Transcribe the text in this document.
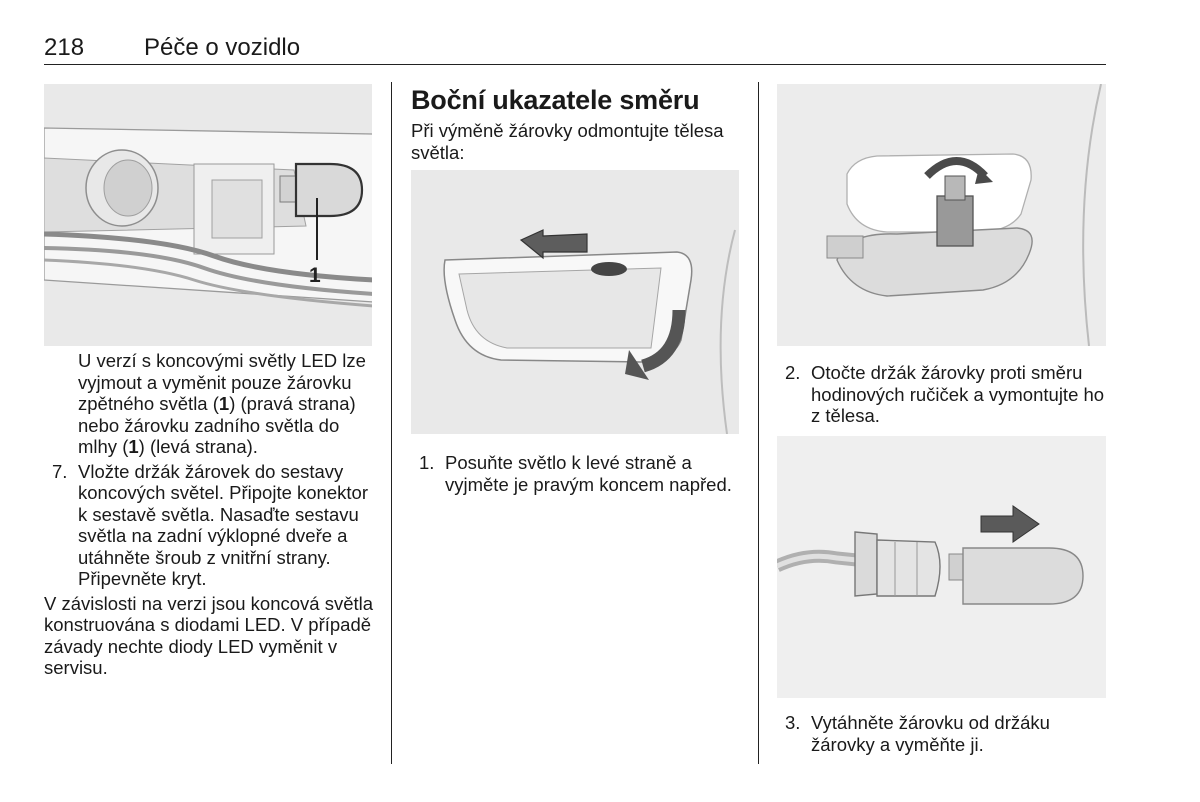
218 Péče o vozidlo
1

U verzí s koncovými světly LED lze vyjmout a vyměnit pouze žárovku zpětného světla (1) (pravá strana) nebo žárovku zadního světla do mlhy (1) (levá strana).

7. Vložte držák žárovek do sestavy koncových světel. Připojte konektor k sestavě světla. Nasaďte sestavu světla na zadní výklopné dveře a utáhněte šroub z vnitřní strany. Připevněte kryt.

V závislosti na verzi jsou koncová světla konstruována s diodami LED. V případě závady nechte diody LED vyměnit v servisu.

Boční ukazatele směru

Při výměně žárovky odmontujte tělesa světla:

1. Posuňte světlo k levé straně a vyjměte je pravým koncem napřed.

2. Otočte držák žárovky proti směru hodinových ručiček a vymontujte ho z tělesa.

3. Vytáhněte žárovku od držáku žárovky a vyměňte ji.
